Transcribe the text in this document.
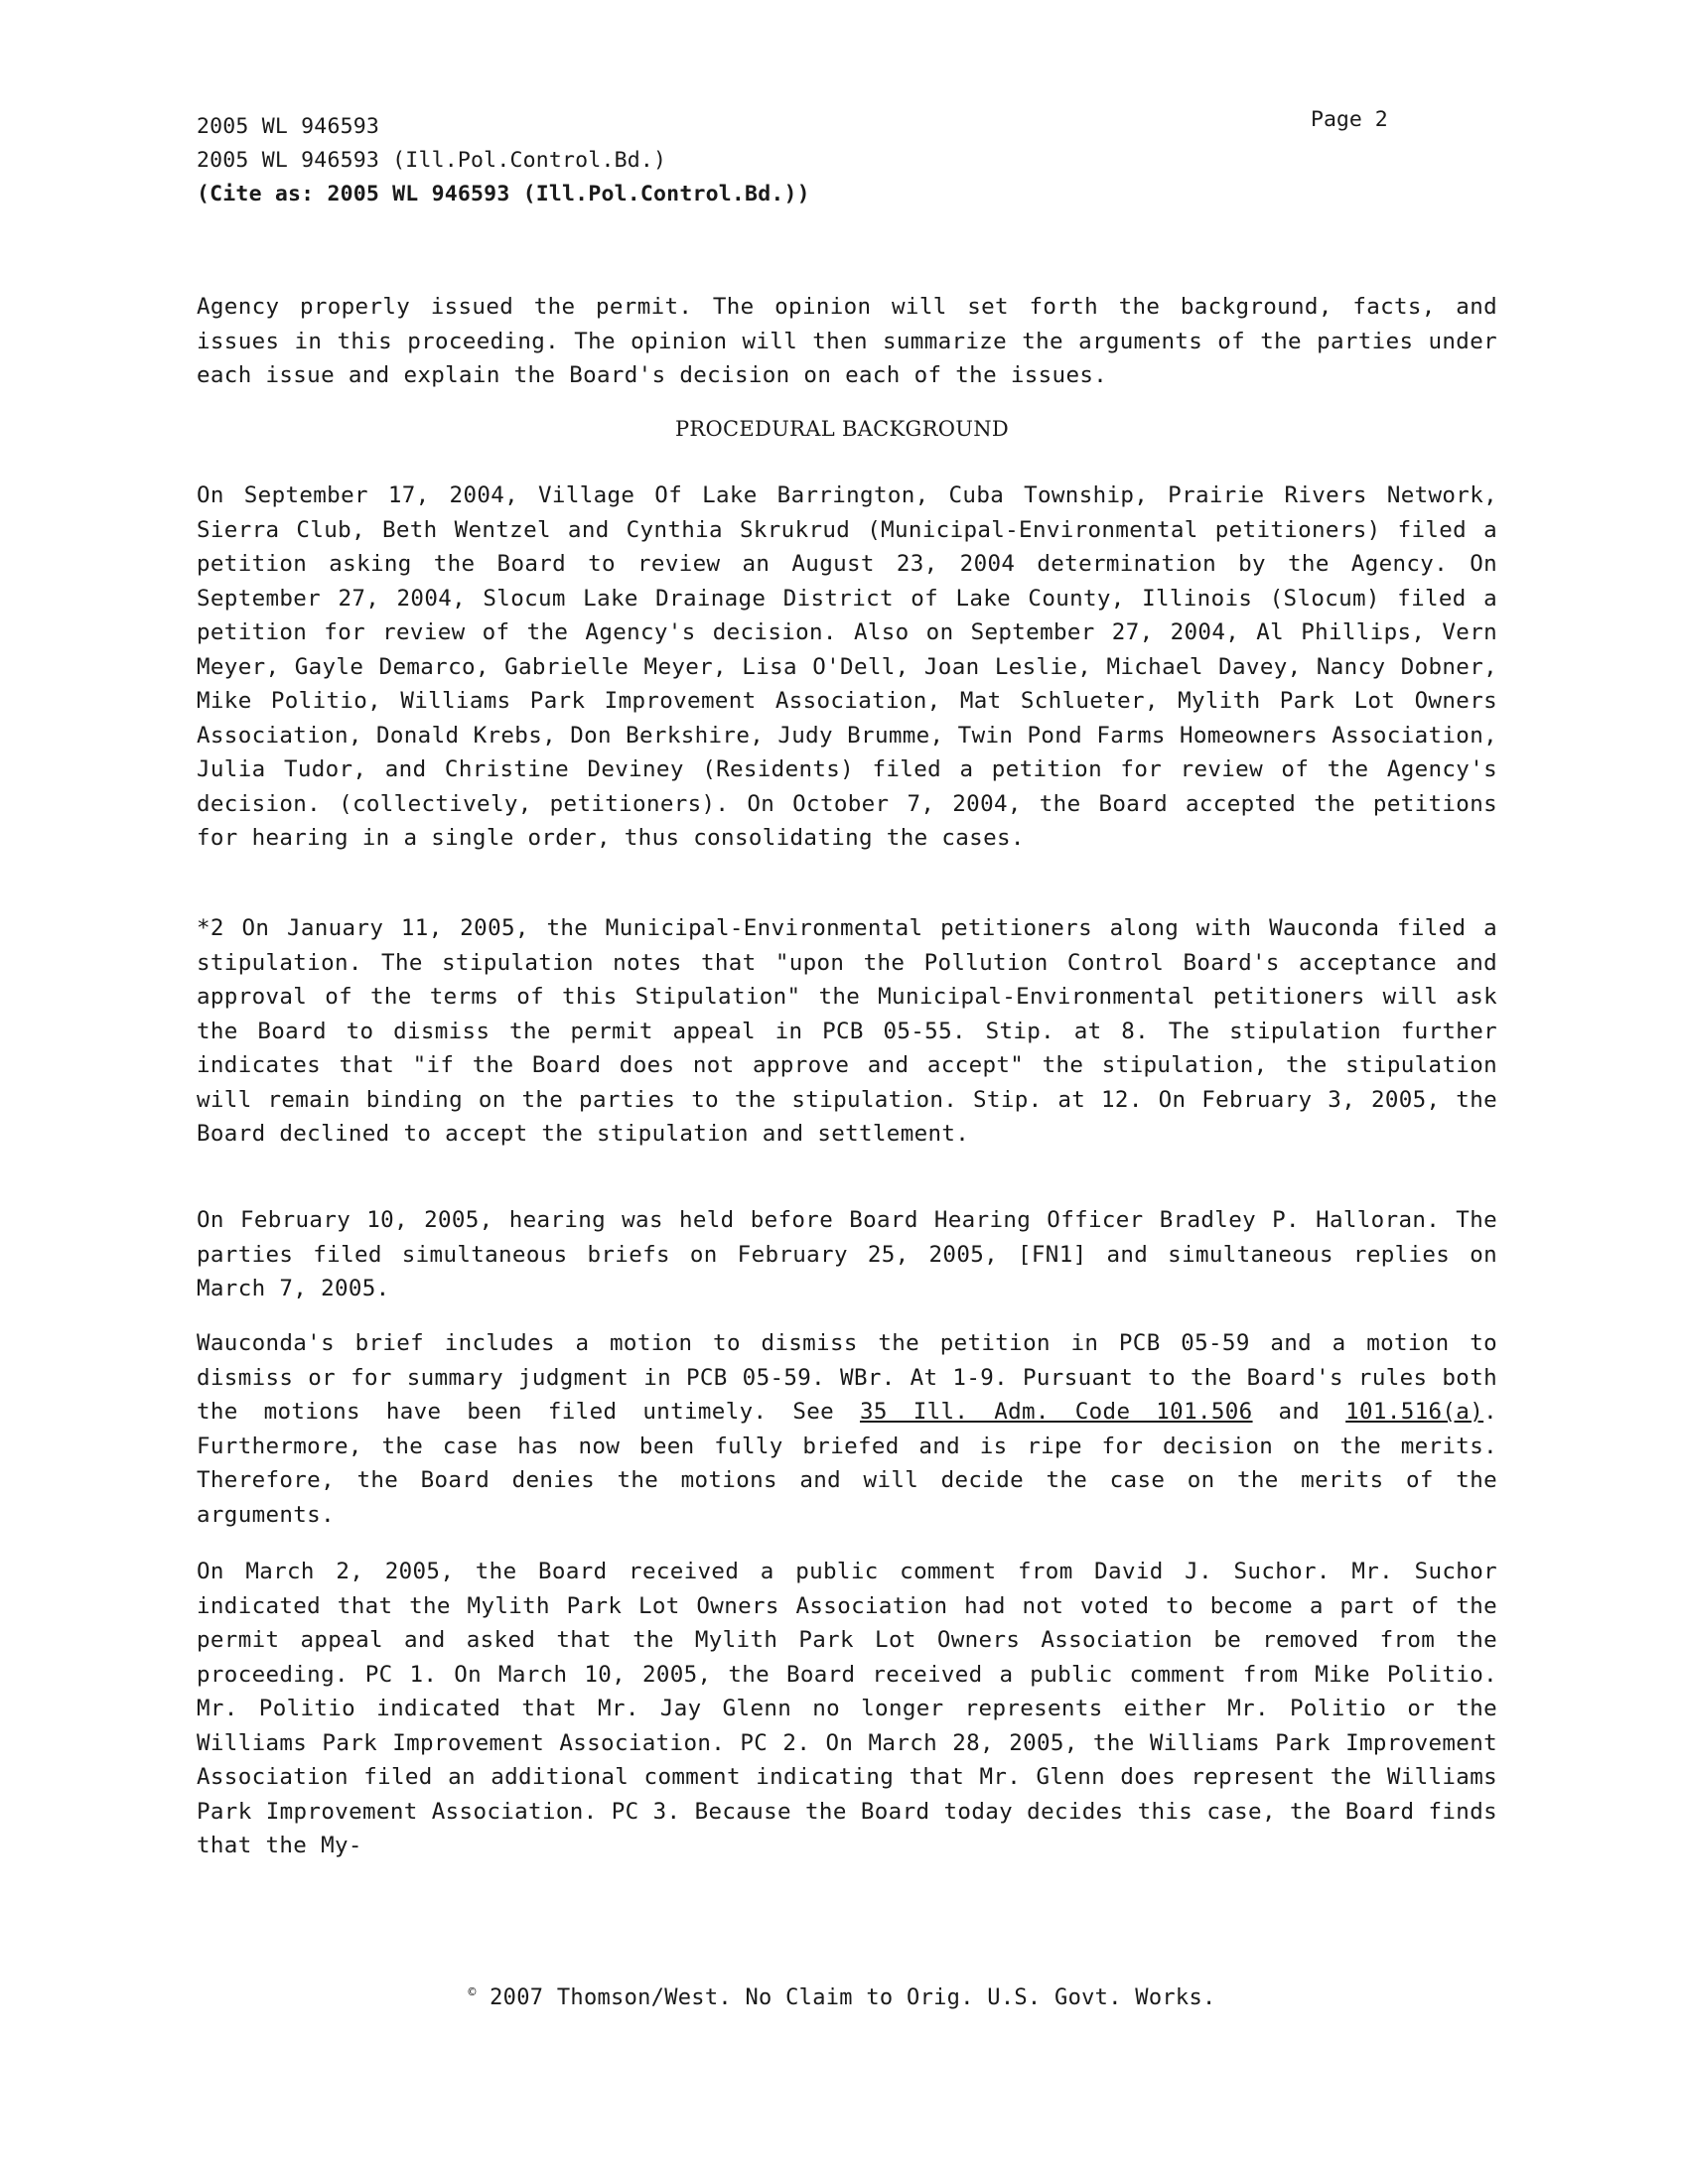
2005 WL 946593	Page 2
2005 WL 946593 (Ill.Pol.Control.Bd.)
(Cite as: 2005 WL 946593 (Ill.Pol.Control.Bd.))
Agency properly issued the permit. The opinion will set forth the background, facts, and issues in this proceeding. The opinion will then summarize the arguments of the parties under each issue and explain the Board's decision on each of the issues.
PROCEDURAL BACKGROUND

On September 17, 2004, Village Of Lake Barrington, Cuba Township, Prairie Rivers Network, Sierra Club, Beth Wentzel and Cynthia Skrukrud (Municipal-Environmental petitioners) filed a petition asking the Board to review an August 23, 2004 determination by the Agency. On September 27, 2004, Slocum Lake Drainage District of Lake County, Illinois (Slocum) filed a petition for review of the Agency's decision. Also on September 27, 2004, Al Phillips, Vern Meyer, Gayle Demarco, Gabrielle Meyer, Lisa O'Dell, Joan Leslie, Michael Davey, Nancy Dobner, Mike Politio, Williams Park Improvement Association, Mat Schlueter, Mylith Park Lot Owners Association, Donald Krebs, Don Berkshire, Judy Brumme, Twin Pond Farms Homeowners Association, Julia Tudor, and Christine Deviney (Residents) filed a petition for review of the Agency's decision. (collectively, petitioners). On October 7, 2004, the Board accepted the petitions for hearing in a single order, thus consolidating the cases.

*2 On January 11, 2005, the Municipal-Environmental petitioners along with Wauconda filed a stipulation. The stipulation notes that "upon the Pollution Control Board's acceptance and approval of the terms of this Stipulation" the Municipal-Environmental petitioners will ask the Board to dismiss the permit appeal in PCB 05-55. Stip. at 8. The stipulation further indicates that "if the Board does not approve and accept" the stipulation, the stipulation will remain binding on the parties to the stipulation. Stip. at 12. On February 3, 2005, the Board declined to accept the stipulation and settlement.

On February 10, 2005, hearing was held before Board Hearing Officer Bradley P. Halloran. The parties filed simultaneous briefs on February 25, 2005, [FN1] and simultaneous replies on March 7, 2005.

Wauconda's brief includes a motion to dismiss the petition in PCB 05-59 and a motion to dismiss or for summary judgment in PCB 05-59. WBr. At 1-9. Pursuant to the Board's rules both the motions have been filed untimely. See 35 Ill. Adm. Code 101.506 and 101.516(a). Furthermore, the case has now been fully briefed and is ripe for decision on the merits. Therefore, the Board denies the motions and will decide the case on the merits of the arguments.

On March 2, 2005, the Board received a public comment from David J. Suchor. Mr. Suchor indicated that the Mylith Park Lot Owners Association had not voted to become a part of the permit appeal and asked that the Mylith Park Lot Owners Association be removed from the proceeding. PC 1. On March 10, 2005, the Board received a public comment from Mike Politio. Mr. Politio indicated that Mr. Jay Glenn no longer represents either Mr. Politio or the Williams Park Improvement Association. PC 2. On March 28, 2005, the Williams Park Improvement Association filed an additional comment indicating that Mr. Glenn does represent the Williams Park Improvement Association. PC 3. Because the Board today decides this case, the Board finds that the My-

© 2007 Thomson/West. No Claim to Orig. U.S. Govt. Works.
